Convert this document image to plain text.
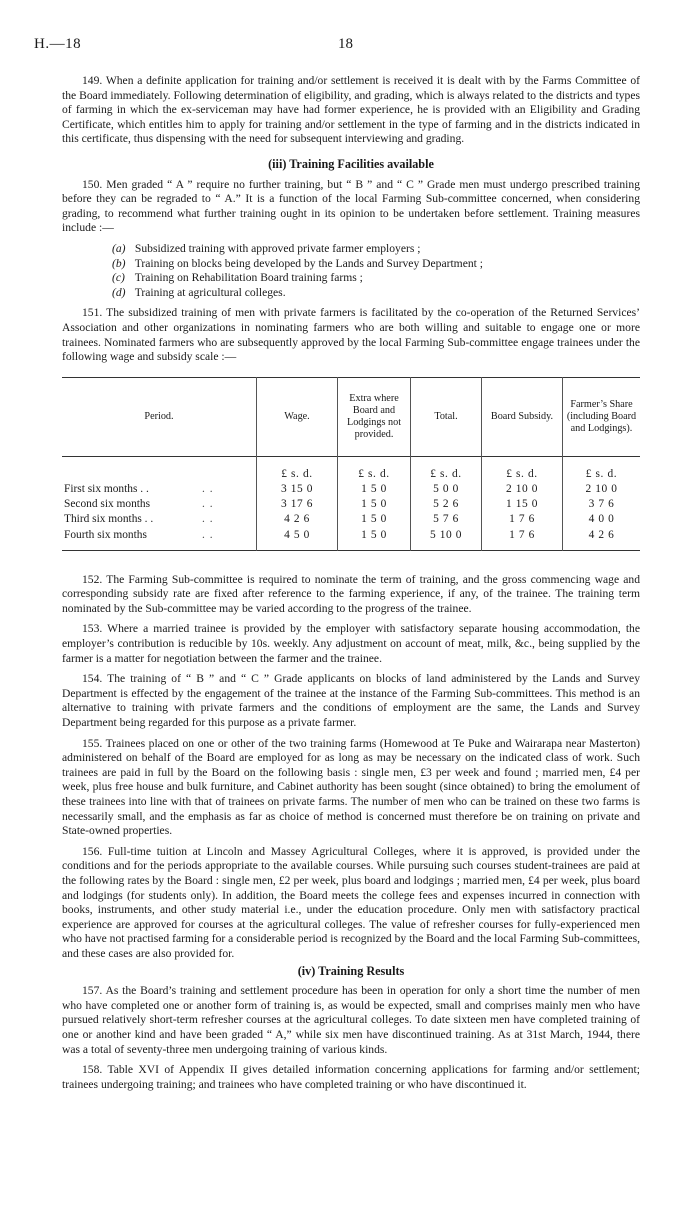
H.—18	18

149. When a definite application for training and/or settlement is received it is dealt with by the Farms Committee of the Board immediately. Following determination of eligibility, and grading, which is always related to the districts and types of farming in which the ex-serviceman may have had former experience, he is provided with an Eligibility and Grading Certificate, which entitles him to apply for training and/or settlement in the type of farming and in the districts indicated in this certificate, thus dispensing with the need for subsequent interviewing and grading.

(iii) Training Facilities available

150. Men graded “ A ” require no further training, but “ B ” and “ C ” Grade men must undergo prescribed training before they can be regraded to “ A.” It is a function of the local Farming Sub-committee concerned, when considering grading, to recommend what further training ought in its opinion to be undertaken before settlement. Training measures include :—

(a) Subsidized training with approved private farmer employers ;
(b) Training on blocks being developed by the Lands and Survey Department ;
(c) Training on Rehabilitation Board training farms ;
(d) Training at agricultural colleges.

151. The subsidized training of men with private farmers is facilitated by the co-operation of the Returned Services’ Association and other organizations in nominating farmers who are both willing and suitable to engage one or more trainees. Nominated farmers who are subsequently approved by the local Farming Sub-committee engage trainees under the following wage and subsidy scale :—

Period.	Wage.	Extra where Board and Lodgings not provided.	Total.	Board Subsidy.	Farmer’s Share (including Board and Lodgings).
	£ s. d.	£ s. d.	£ s. d.	£ s. d.	£ s. d.
First six months . . . .	3 15 0	1 5 0	5 0 0	2 10 0	2 10 0
Second six months . .	3 17 6	1 5 0	5 2 6	1 15 0	3 7 6
Third six months . . . .	4 2 6	1 5 0	5 7 6	1 7 6	4 0 0
Fourth six months . .	4 5 0	1 5 0	5 10 0	1 7 6	4 2 6

152. The Farming Sub-committee is required to nominate the term of training, and the gross commencing wage and corresponding subsidy rate are fixed after reference to the farming experience, if any, of the trainee. The training term nominated by the Sub-committee may be varied according to the progress of the trainee.

153. Where a married trainee is provided by the employer with satisfactory separate housing accommodation, the employer’s contribution is reducible by 10s. weekly. Any adjustment on account of meat, milk, &c., being supplied by the farmer is a matter for negotiation between the farmer and the trainee.

154. The training of “ B ” and “ C ” Grade applicants on blocks of land administered by the Lands and Survey Department is effected by the engagement of the trainee at the instance of the Farming Sub-committees. This method is an alternative to training with private farmers and the conditions of employment are the same, the Lands and Survey Department being regarded for this purpose as a private farmer.

155. Trainees placed on one or other of the two training farms (Homewood at Te Puke and Wairarapa near Masterton) administered on behalf of the Board are employed for as long as may be necessary on the indicated class of work. Such trainees are paid in full by the Board on the following basis : single men, £3 per week and found ; married men, £4 per week, plus free house and bulk furniture, and Cabinet authority has been sought (since obtained) to bring the emolument of these trainees into line with that of trainees on private farms. The number of men who can be trained on these two farms is necessarily small, and the emphasis as far as choice of method is concerned must therefore be on training on private and State-owned properties.

156. Full-time tuition at Lincoln and Massey Agricultural Colleges, where it is approved, is provided under the conditions and for the periods appropriate to the available courses. While pursuing such courses student-trainees are paid at the following rates by the Board : single men, £2 per week, plus board and lodgings ; married men, £4 per week, plus board and lodgings (for students only). In addition, the Board meets the college fees and expenses incurred in connection with books, instruments, and other study material i.e., under the education procedure. Only men with satisfactory practical experience are approved for courses at the agricultural colleges. The value of refresher courses for fully-experienced men who have not practised farming for a considerable period is recognized by the Board and the local Farming Sub-committees, and these cases are also provided for.

(iv) Training Results

157. As the Board’s training and settlement procedure has been in operation for only a short time the number of men who have completed one or another form of training is, as would be expected, small and comprises mainly men who have pursued relatively short-term refresher courses at the agricultural colleges. To date sixteen men have completed training of one or another kind and have been graded “ A,” while six men have discontinued training. As at 31st March, 1944, there was a total of seventy-three men undergoing training of various kinds.

158. Table XVI of Appendix II gives detailed information concerning applications for farming and/or settlement; trainees undergoing training; and trainees who have completed training or who have discontinued it.
